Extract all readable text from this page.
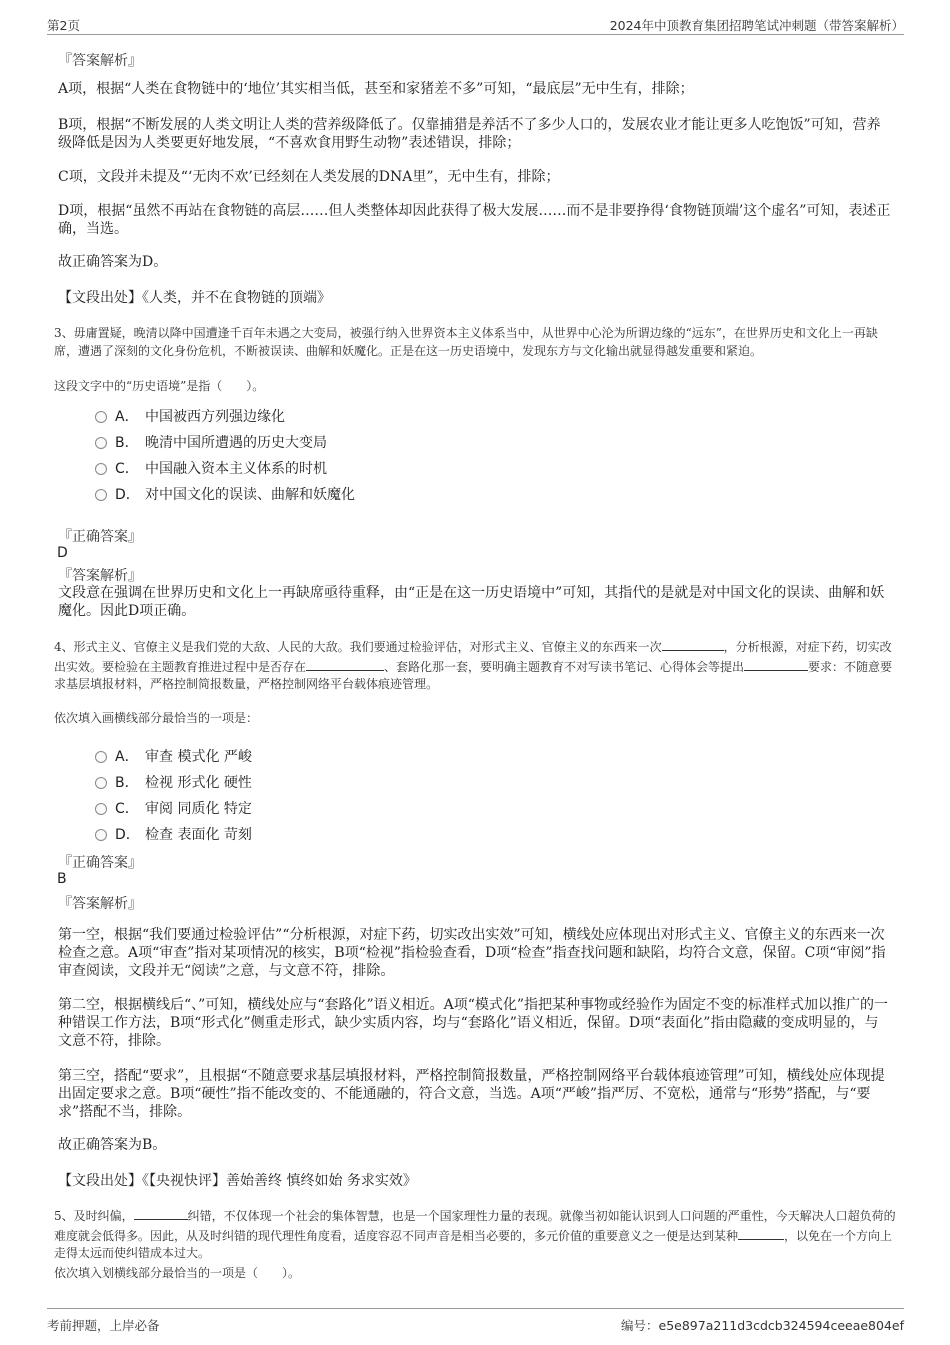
第2页	2024年中顶教育集团招聘笔试冲刺题（带答案解析）
『答案解析』
A项，根据“人类在食物链中的‘地位’其实相当低，甚至和家猪差不多”可知，“最底层”无中生有，排除；
B项，根据“不断发展的人类文明让人类的营养级降低了。仅靠捕猎是养活不了多少人口的，发展农业才能让更多人吃饱饭”可知，营养级降低是因为人类要更好地发展，“不喜欢食用野生动物”表述错误，排除；
C项，文段并未提及“‘无肉不欢’已经刻在人类发展的DNA里”，无中生有，排除；
D项，根据“虽然不再站在食物链的高层……但人类整体却因此获得了极大发展……而不是非要挣得‘食物链顶端’这个虚名”可知，表述正确，当选。
故正确答案为D。
【文段出处】《人类，并不在食物链的顶端》
3、毋庸置疑，晚清以降中国遭逢千百年未遇之大变局，被强行纳入世界资本主义体系当中，从世界中心沦为所谓边缘的“远东”，在世界历史和文化上一再缺席，遭遇了深刻的文化身份危机，不断被误读、曲解和妖魔化。正是在这一历史语境中，发现东方与文化输出就显得越发重要和紧迫。
这段文字中的“历史语境”是指（　　）。

A．

中国被西方列强边缘化

B．

晚清中国所遭遇的历史大变局

C．

中国融入资本主义体系的时机

D．

对中国文化的误读、曲解和妖魔化

『正确答案』
D
『答案解析』
文段意在强调在世界历史和文化上一再缺席亟待重释，由“正是在这一历史语境中”可知，其指代的是就是对中国文化的误读、曲解和妖魔化。因此D项正确。
4、形式主义、官僚主义是我们党的大敌、人民的大敌。我们要通过检验评估，对形式主义、官僚主义的东西来一次	，分析根源，对症下药，切实改出实效。要检验在主题教育推进过程中是否存在	、套路化那一套，要明确主题教育不对写读书笔记、心得体会等提出	要求：不随意要求基层填报材料，严格控制简报数量，严格控制网络平台载体痕迹管理。
依次填入画横线部分最恰当的一项是：

A．

审查 模式化 严峻

B．

检视 形式化 硬性

C．

审阅 同质化 特定

D．

检查 表面化 苛刻

『正确答案』
B
『答案解析』
第一空，根据“我们要通过检验评估”“分析根源，对症下药，切实改出实效”可知，横线处应体现出对形式主义、官僚主义的东西来一次检查之意。A项“审查”指对某项情况的核实，B项“检视”指检验查看，D项“检查”指查找问题和缺陷，均符合文意，保留。C项“审阅”指审查阅读，文段并无“阅读”之意，与文意不符，排除。
第二空，根据横线后“、”可知，横线处应与“套路化”语义相近。A项“模式化”指把某种事物或经验作为固定不变的标准样式加以推广的一种错误工作方法，B项“形式化”侧重走形式，缺少实质内容，均与“套路化”语义相近，保留。D项“表面化”指由隐藏的变成明显的，与文意不符，排除。
第三空，搭配“要求”，且根据“不随意要求基层填报材料，严格控制简报数量，严格控制网络平台载体痕迹管理”可知，横线处应体现提出固定要求之意。B项“硬性”指不能改变的、不能通融的，符合文意，当选。A项“严峻”指严厉、不宽松，通常与“形势”搭配，与“要求”搭配不当，排除。
故正确答案为B。
【文段出处】《【央视快评】善始善终 慎终如始 务求实效》
5、及时纠偏，	纠错，不仅体现一个社会的集体智慧，也是一个国家理性力量的表现。就像当初如能认识到人口问题的严重性，今天解决人口超负荷的难度就会低得多。因此，从及时纠错的现代理性角度看，适度容忍不同声音是相当必要的，多元价值的重要意义之一便是达到某种	，以免在一个方向上走得太远而使纠错成本过大。
依次填入划横线部分最恰当的一项是（　　）。
考前押题，上岸必备	编号：e5e897a211d3cdcb324594ceeae804ef
